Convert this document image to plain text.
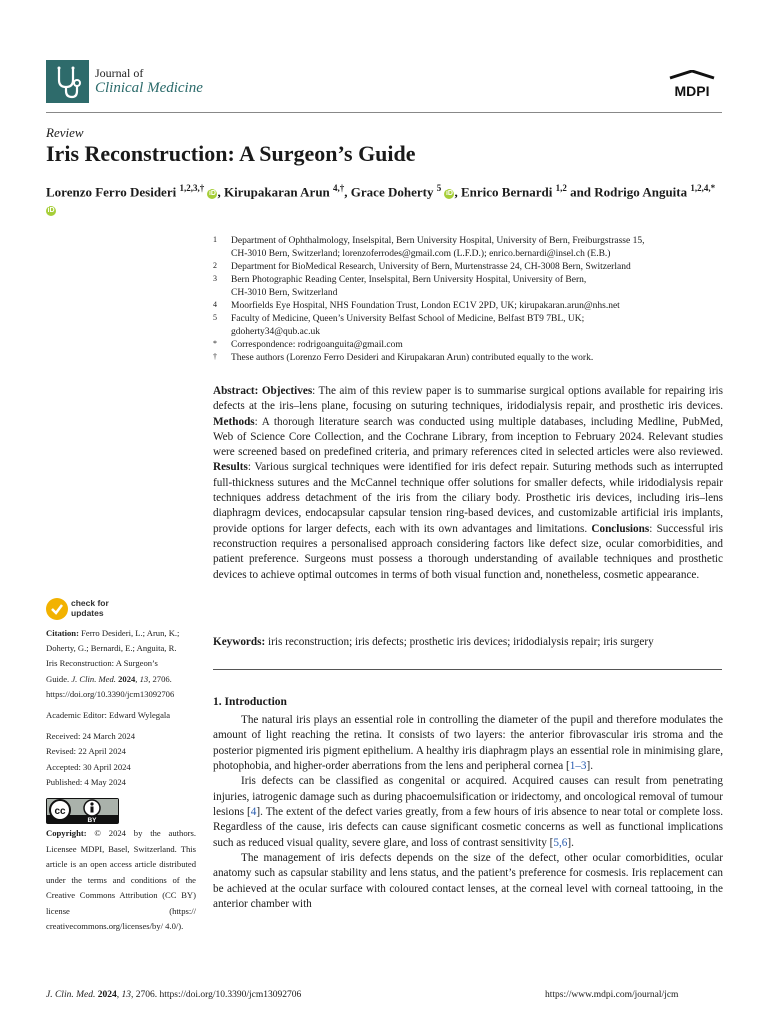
Journal of
Clinical Medicine	MDPI
Review
Iris Reconstruction: A Surgeon’s Guide
Lorenzo Ferro Desideri $^{1,2,3,\dagger}$ iD , Kirupakaran Arun $^{4,\dagger}$, Grace Doherty $^5$ iD , Enrico Bernardi $^{1,2}$ and Rodrigo Anguita $^{1,2,4,*}$ iD
1 Department of Ophthalmology, Inselspital, Bern University Hospital, University of Bern, Freiburgstrasse 15,
CH-3010 Bern, Switzerland; lorenzoferrodes@gmail.com (L.F.D.); enrico.bernardi@insel.ch (E.B.)
2 Department for BioMedical Research, University of Bern, Murtenstrasse 24, CH-3008 Bern, Switzerland
3 Bern Photographic Reading Center, Inselspital, Bern University Hospital, University of Bern,
CH-3010 Bern, Switzerland
4 Moorfields Eye Hospital, NHS Foundation Trust, London EC1V 2PD, UK; kirupakaran.arun@nhs.net
5 Faculty of Medicine, Queen’s University Belfast School of Medicine, Belfast BT9 7BL, UK;
gdoherty34@qub.ac.uk
* Correspondence: rodrigoanguita@gmail.com
† These authors (Lorenzo Ferro Desideri and Kirupakaran Arun) contributed equally to the work.
Abstract: Objectives: The aim of this review paper is to summarise surgical options available for repairing iris defects at the iris–lens plane, focusing on suturing techniques, iridodialysis repair, and prosthetic iris devices. Methods: A thorough literature search was conducted using multiple databases, including Medline, PubMed, Web of Science Core Collection, and the Cochrane Library, from inception to February 2024. Relevant studies were screened based on predefined criteria, and primary references cited in selected articles were also reviewed. Results: Various surgical techniques were identified for iris defect repair. Suturing methods such as interrupted full-thickness sutures and the McCannel technique offer solutions for smaller defects, while iridodialysis repair techniques address detachment of the iris from the ciliary body. Prosthetic iris devices, including iris–lens diaphragm devices, endocapsular capsular tension ring-based devices, and customizable artificial iris implants, provide options for larger defects, each with its own advantages and limitations. Conclusions: Successful iris reconstruction requires a personalised approach considering factors like defect size, ocular comorbidities, and patient preference. Surgeons must possess a thorough understanding of available techniques and prosthetic devices to achieve optimal outcomes in terms of both visual function and, nonetheless, cosmetic appearance.
Keywords: iris reconstruction; iris defects; prosthetic iris devices; iridodialysis repair; iris surgery
1. Introduction

The natural iris plays an essential role in controlling the diameter of the pupil and therefore modulates the amount of light reaching the retina. It consists of two layers: the anterior fibrovascular iris stroma and the posterior pigmented iris pigment epithelium. A healthy iris diaphragm plays an essential role in minimising glare, photophobia, and higher-order aberrations from the lens and peripheral cornea [1–3].

Iris defects can be classified as congenital or acquired. Acquired causes can result from penetrating injuries, iatrogenic damage such as during phacoemulsification or iridectomy, and oncological removal of tumour lesions [4]. The extent of the defect varies greatly, from a few hours of iris absence to near total or complete loss. Regardless of the cause, iris defects can cause significant cosmetic concerns as well as functional implications such as reduced visual quality, severe glare, and loss of contrast sensitivity [5,6].

The management of iris defects depends on the size of the defect, other ocular comorbidities, ocular anatomy such as capsular stability and lens status, and the patient’s preference for cosmesis. Iris replacement can be achieved at the ocular surface with coloured contact lenses, at the corneal level with corneal tattooing, in the anterior chamber with

check for
updates
Citation: Ferro Desideri, L.; Arun, K.;
Doherty, G.; Bernardi, E.; Anguita, R.
Iris Reconstruction: A Surgeon’s
Guide. J. Clin. Med. 2024, 13, 2706.
https://doi.org/10.3390/jcm13092706
Academic Editor: Edward Wylegala
Received: 24 March 2024
Revised: 22 April 2024
Accepted: 30 April 2024
Published: 4 May 2024
cc
BY
Copyright: © 2024 by the authors. Licensee MDPI, Basel, Switzerland. This article is an open access article distributed under the terms and conditions of the Creative Commons Attribution (CC BY) license (https:// creativecommons.org/licenses/by/ 4.0/).
J. Clin. Med. 2024, 13, 2706. https://doi.org/10.3390/jcm13092706	https://www.mdpi.com/journal/jcm
